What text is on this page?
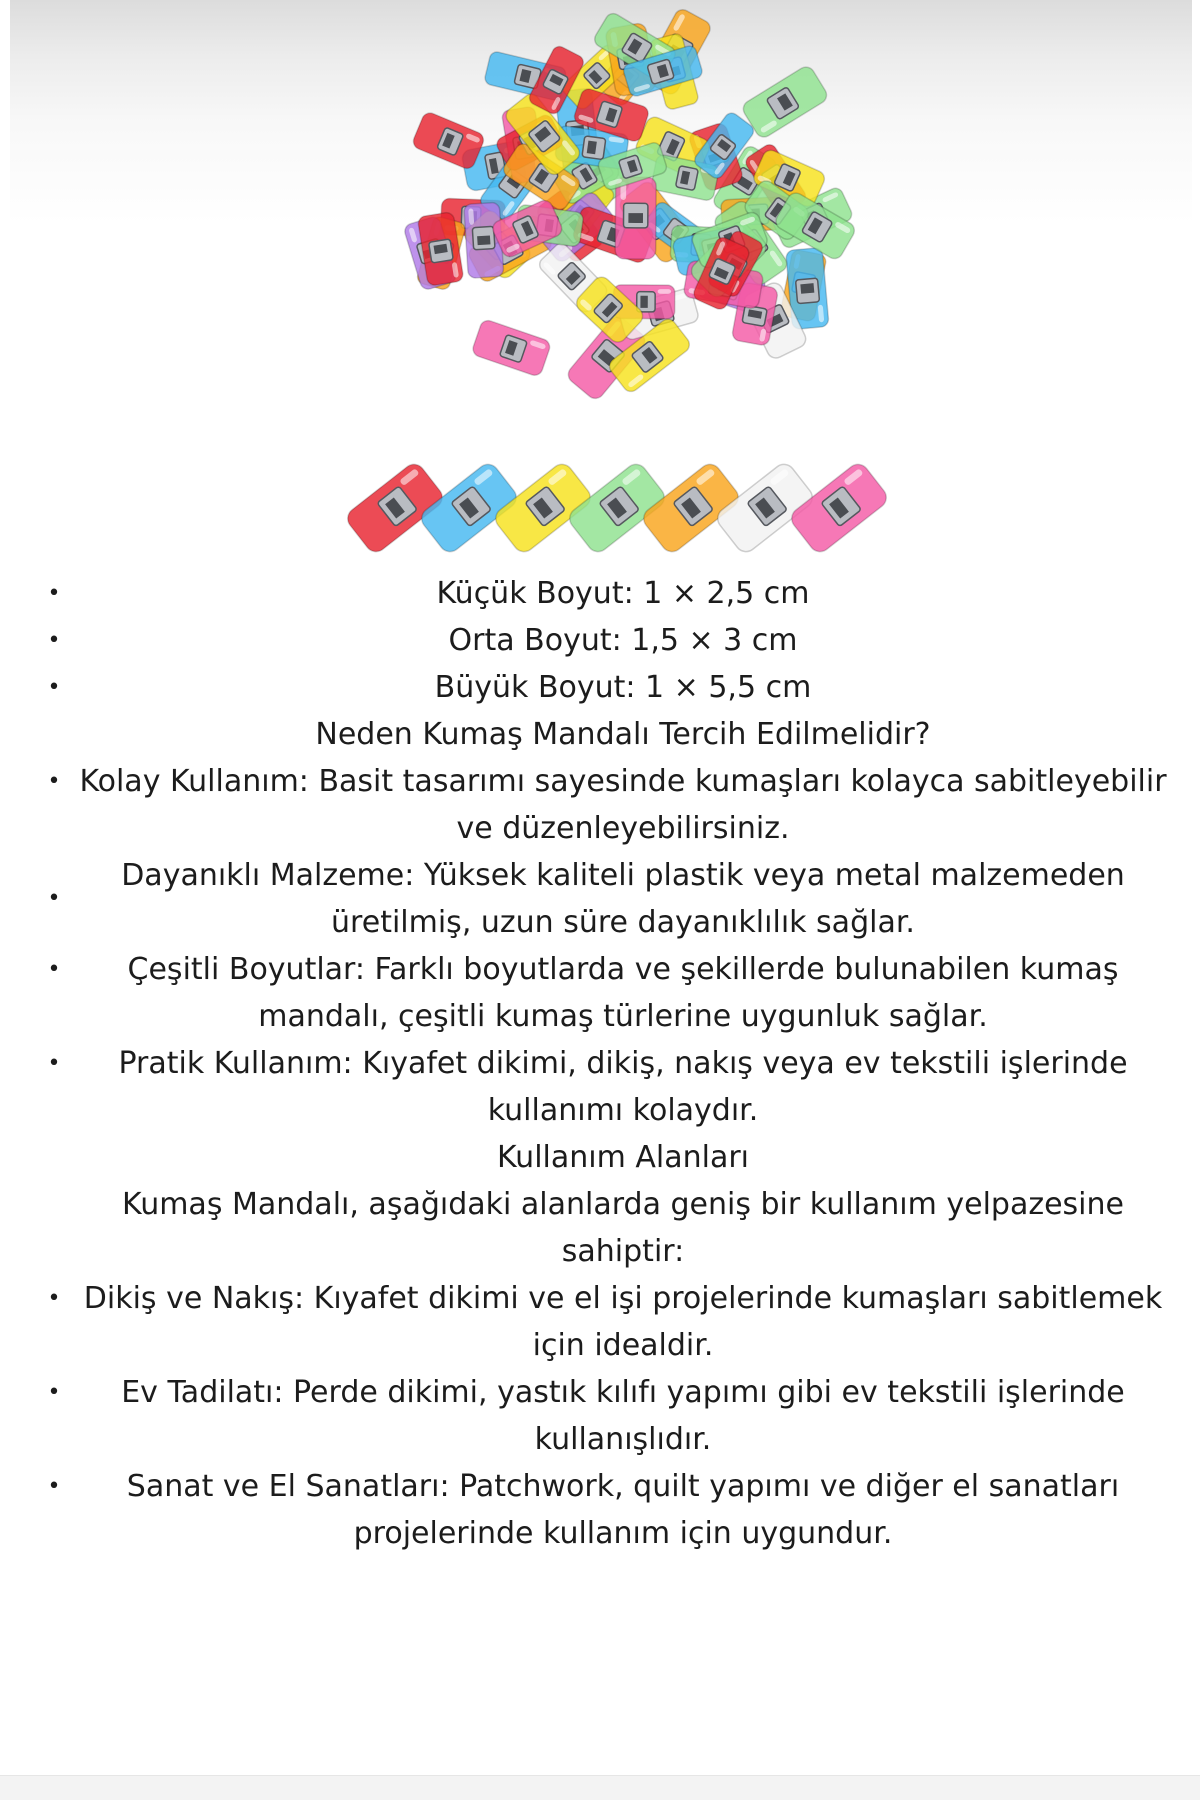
•	Küçük Boyut: 1 × 2,5 cm
•	Orta Boyut: 1,5 × 3 cm
•	Büyük Boyut: 1 × 5,5 cm
Neden Kumaş Mandalı Tercih Edilmelidir?
• Kolay Kullanım: Basit tasarımı sayesinde kumaşları kolayca sabitleyebilir ve düzenleyebilirsiniz.
•
Dayanıklı Malzeme: Yüksek kaliteli plastik veya metal malzemeden üretilmiş, uzun süre dayanıklılık sağlar.
• Çeşitli Boyutlar: Farklı boyutlarda ve şekillerde bulunabilen kumaş mandalı, çeşitli kumaş türlerine uygunluk sağlar.
• Pratik Kullanım: Kıyafet dikimi, dikiş, nakış veya ev tekstili işlerinde kullanımı kolaydır.
Kullanım Alanları
Kumaş Mandalı, aşağıdaki alanlarda geniş bir kullanım yelpazesine sahiptir:
• Dikiş ve Nakış: Kıyafet dikimi ve el işi projelerinde kumaşları sabitlemek için idealdir.
• Ev Tadilatı: Perde dikimi, yastık kılıfı yapımı gibi ev tekstili işlerinde kullanışlıdır.
• Sanat ve El Sanatları: Patchwork, quilt yapımı ve diğer el sanatları projelerinde kullanım için uygundur.
